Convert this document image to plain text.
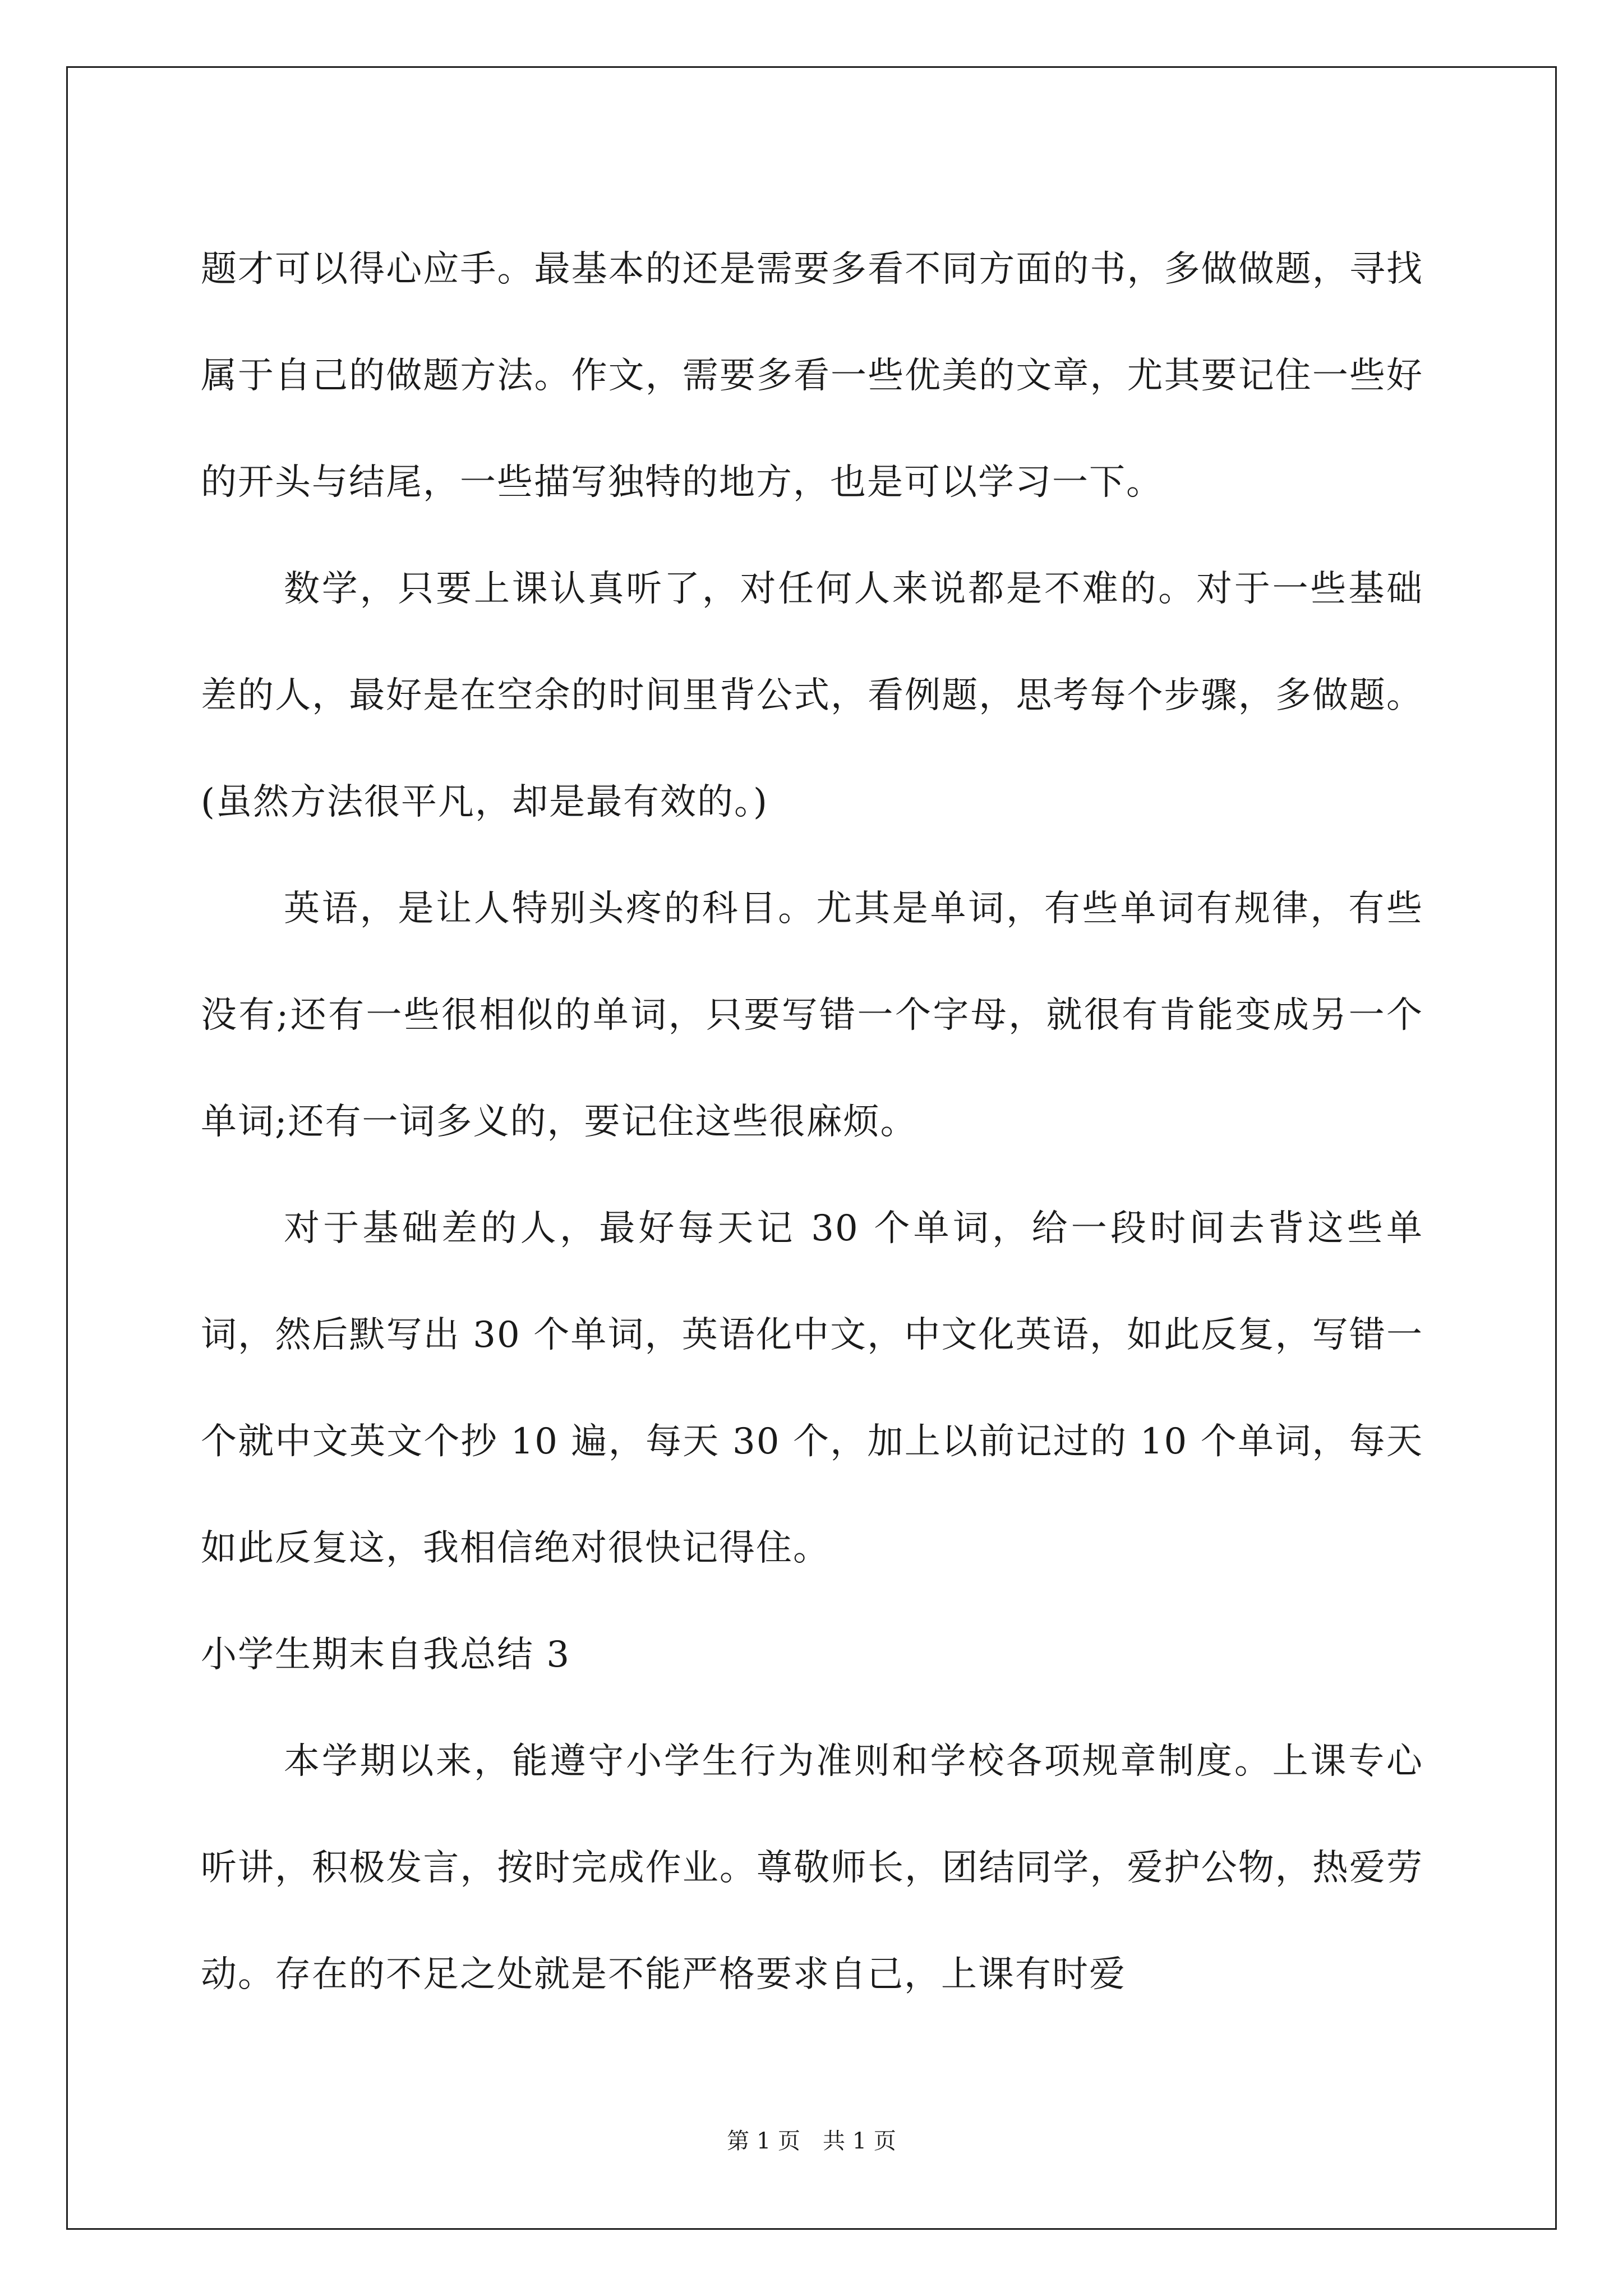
题才可以得心应手。最基本的还是需要多看不同方面的书，多做做题，寻找属于自己的做题方法。作文，需要多看一些优美的文章，尤其要记住一些好的开头与结尾，一些描写独特的地方，也是可以学习一下。

数学，只要上课认真听了，对任何人来说都是不难的。对于一些基础差的人，最好是在空余的时间里背公式，看例题，思考每个步骤，多做题。(虽然方法很平凡，却是最有效的。)

英语，是让人特别头疼的科目。尤其是单词，有些单词有规律，有些没有;还有一些很相似的单词，只要写错一个字母，就很有肯能变成另一个单词;还有一词多义的，要记住这些很麻烦。

对于基础差的人，最好每天记 30 个单词，给一段时间去背这些单词，然后默写出 30 个单词，英语化中文，中文化英语，如此反复，写错一个就中文英文个抄 10 遍，每天 30 个，加上以前记过的 10 个单词，每天如此反复这，我相信绝对很快记得住。

小学生期末自我总结 3

本学期以来，能遵守小学生行为准则和学校各项规章制度。上课专心听讲，积极发言，按时完成作业。尊敬师长，团结同学，爱护公物，热爱劳动。存在的不足之处就是不能严格要求自己，上课有时爱

第 1 页 共 1 页
